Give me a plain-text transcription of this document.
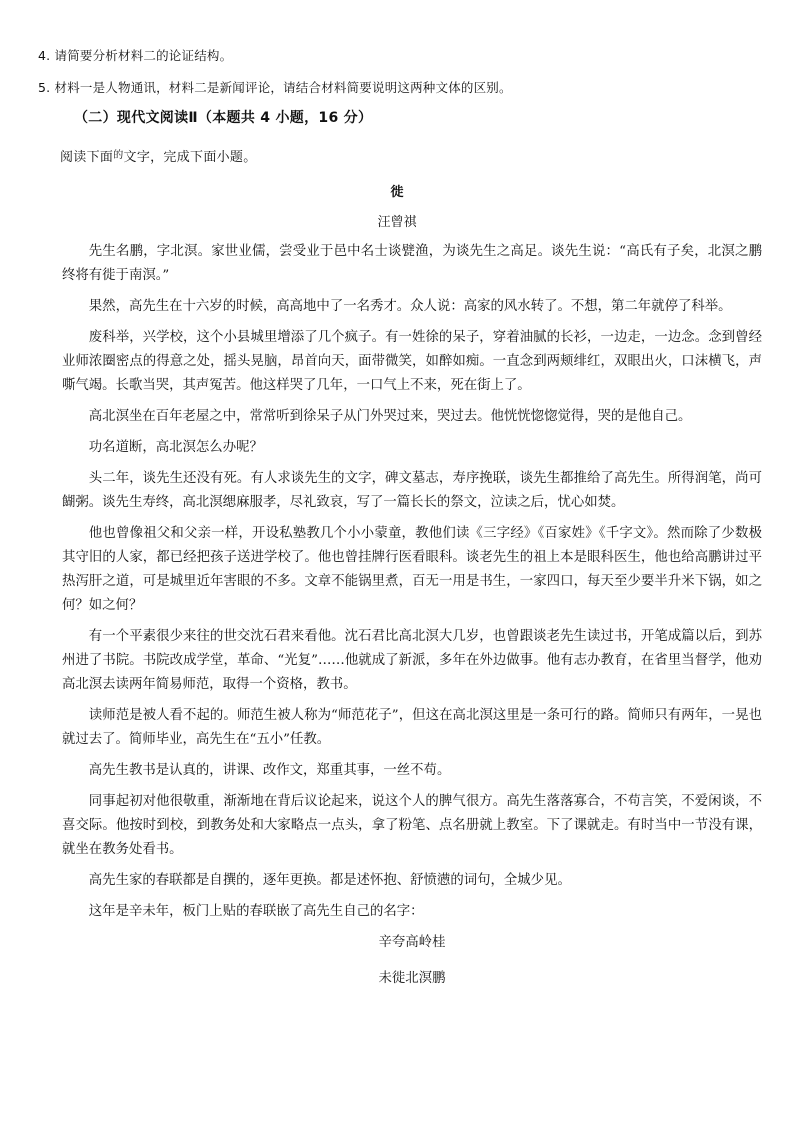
4. 请简要分析材料二的论证结构。
5. 材料一是人物通讯，材料二是新闻评论，请结合材料简要说明这两种文体的区别。
（二）现代文阅读Ⅱ（本题共 4 小题，16 分）
阅读下面$^的$文字，完成下面小题。
徙
汪曾祺

先生名鹏，字北溟。家世业儒，尝受业于邑中名士谈甓渔，为谈先生之高足。谈先生说：“高氏有子矣，北溟之鹏终将有徙于南溟。”

果然，高先生在十六岁的时候，高高地中了一名秀才。众人说：高家的风水转了。不想，第二年就停了科举。

废科举，兴学校，这个小县城里增添了几个疯子。有一姓徐的呆子，穿着油腻的长衫，一边走，一边念。念到曾经业师浓圈密点的得意之处，摇头晃脑，昂首向天，面带微笑，如醉如痴。一直念到两颊绯红，双眼出火，口沫横飞，声嘶气竭。长歌当哭，其声冤苦。他这样哭了几年，一口气上不来，死在街上了。

高北溟坐在百年老屋之中，常常听到徐呆子从门外哭过来，哭过去。他恍恍惚惚觉得，哭的是他自己。

功名道断，高北溟怎么办呢？

头二年，谈先生还没有死。有人求谈先生的文字，碑文墓志，寿序挽联，谈先生都推给了高先生。所得润笔，尚可餬粥。谈先生寿终，高北溟缌麻服孝，尽礼致哀，写了一篇长长的祭文，泣读之后，忧心如焚。

他也曾像祖父和父亲一样，开设私塾教几个小小蒙童，教他们读《三字经》《百家姓》《千字文》。然而除了少数极其守旧的人家，都已经把孩子送进学校了。他也曾挂牌行医看眼科。谈老先生的祖上本是眼科医生，他也给高鹏讲过平热泻肝之道，可是城里近年害眼的不多。文章不能锅里煮，百无一用是书生，一家四口，每天至少要半升米下锅，如之何？如之何？

有一个平素很少来往的世交沈石君来看他。沈石君比高北溟大几岁，也曾跟谈老先生读过书，开笔成篇以后，到苏州进了书院。书院改成学堂，革命、“光复”……他就成了新派，多年在外边做事。他有志办教育，在省里当督学，他劝高北溟去读两年简易师范，取得一个资格，教书。

读师范是被人看不起的。师范生被人称为“师范花子”，但这在高北溟这里是一条可行的路。简师只有两年，一晃也就过去了。简师毕业，高先生在“五小”任教。

高先生教书是认真的，讲课、改作文，郑重其事，一丝不苟。

同事起初对他很敬重，渐渐地在背后议论起来，说这个人的脾气很方。高先生落落寡合，不苟言笑，不爱闲谈，不喜交际。他按时到校，到教务处和大家略点一点头，拿了粉笔、点名册就上教室。下了课就走。有时当中一节没有课，就坐在教务处看书。

高先生家的春联都是自撰的，逐年更换。都是述怀抱、舒愤懑的词句，全城少见。

这年是辛未年，板门上贴的春联嵌了高先生自己的名字：

辛夸高岭桂

未徙北溟鹏
